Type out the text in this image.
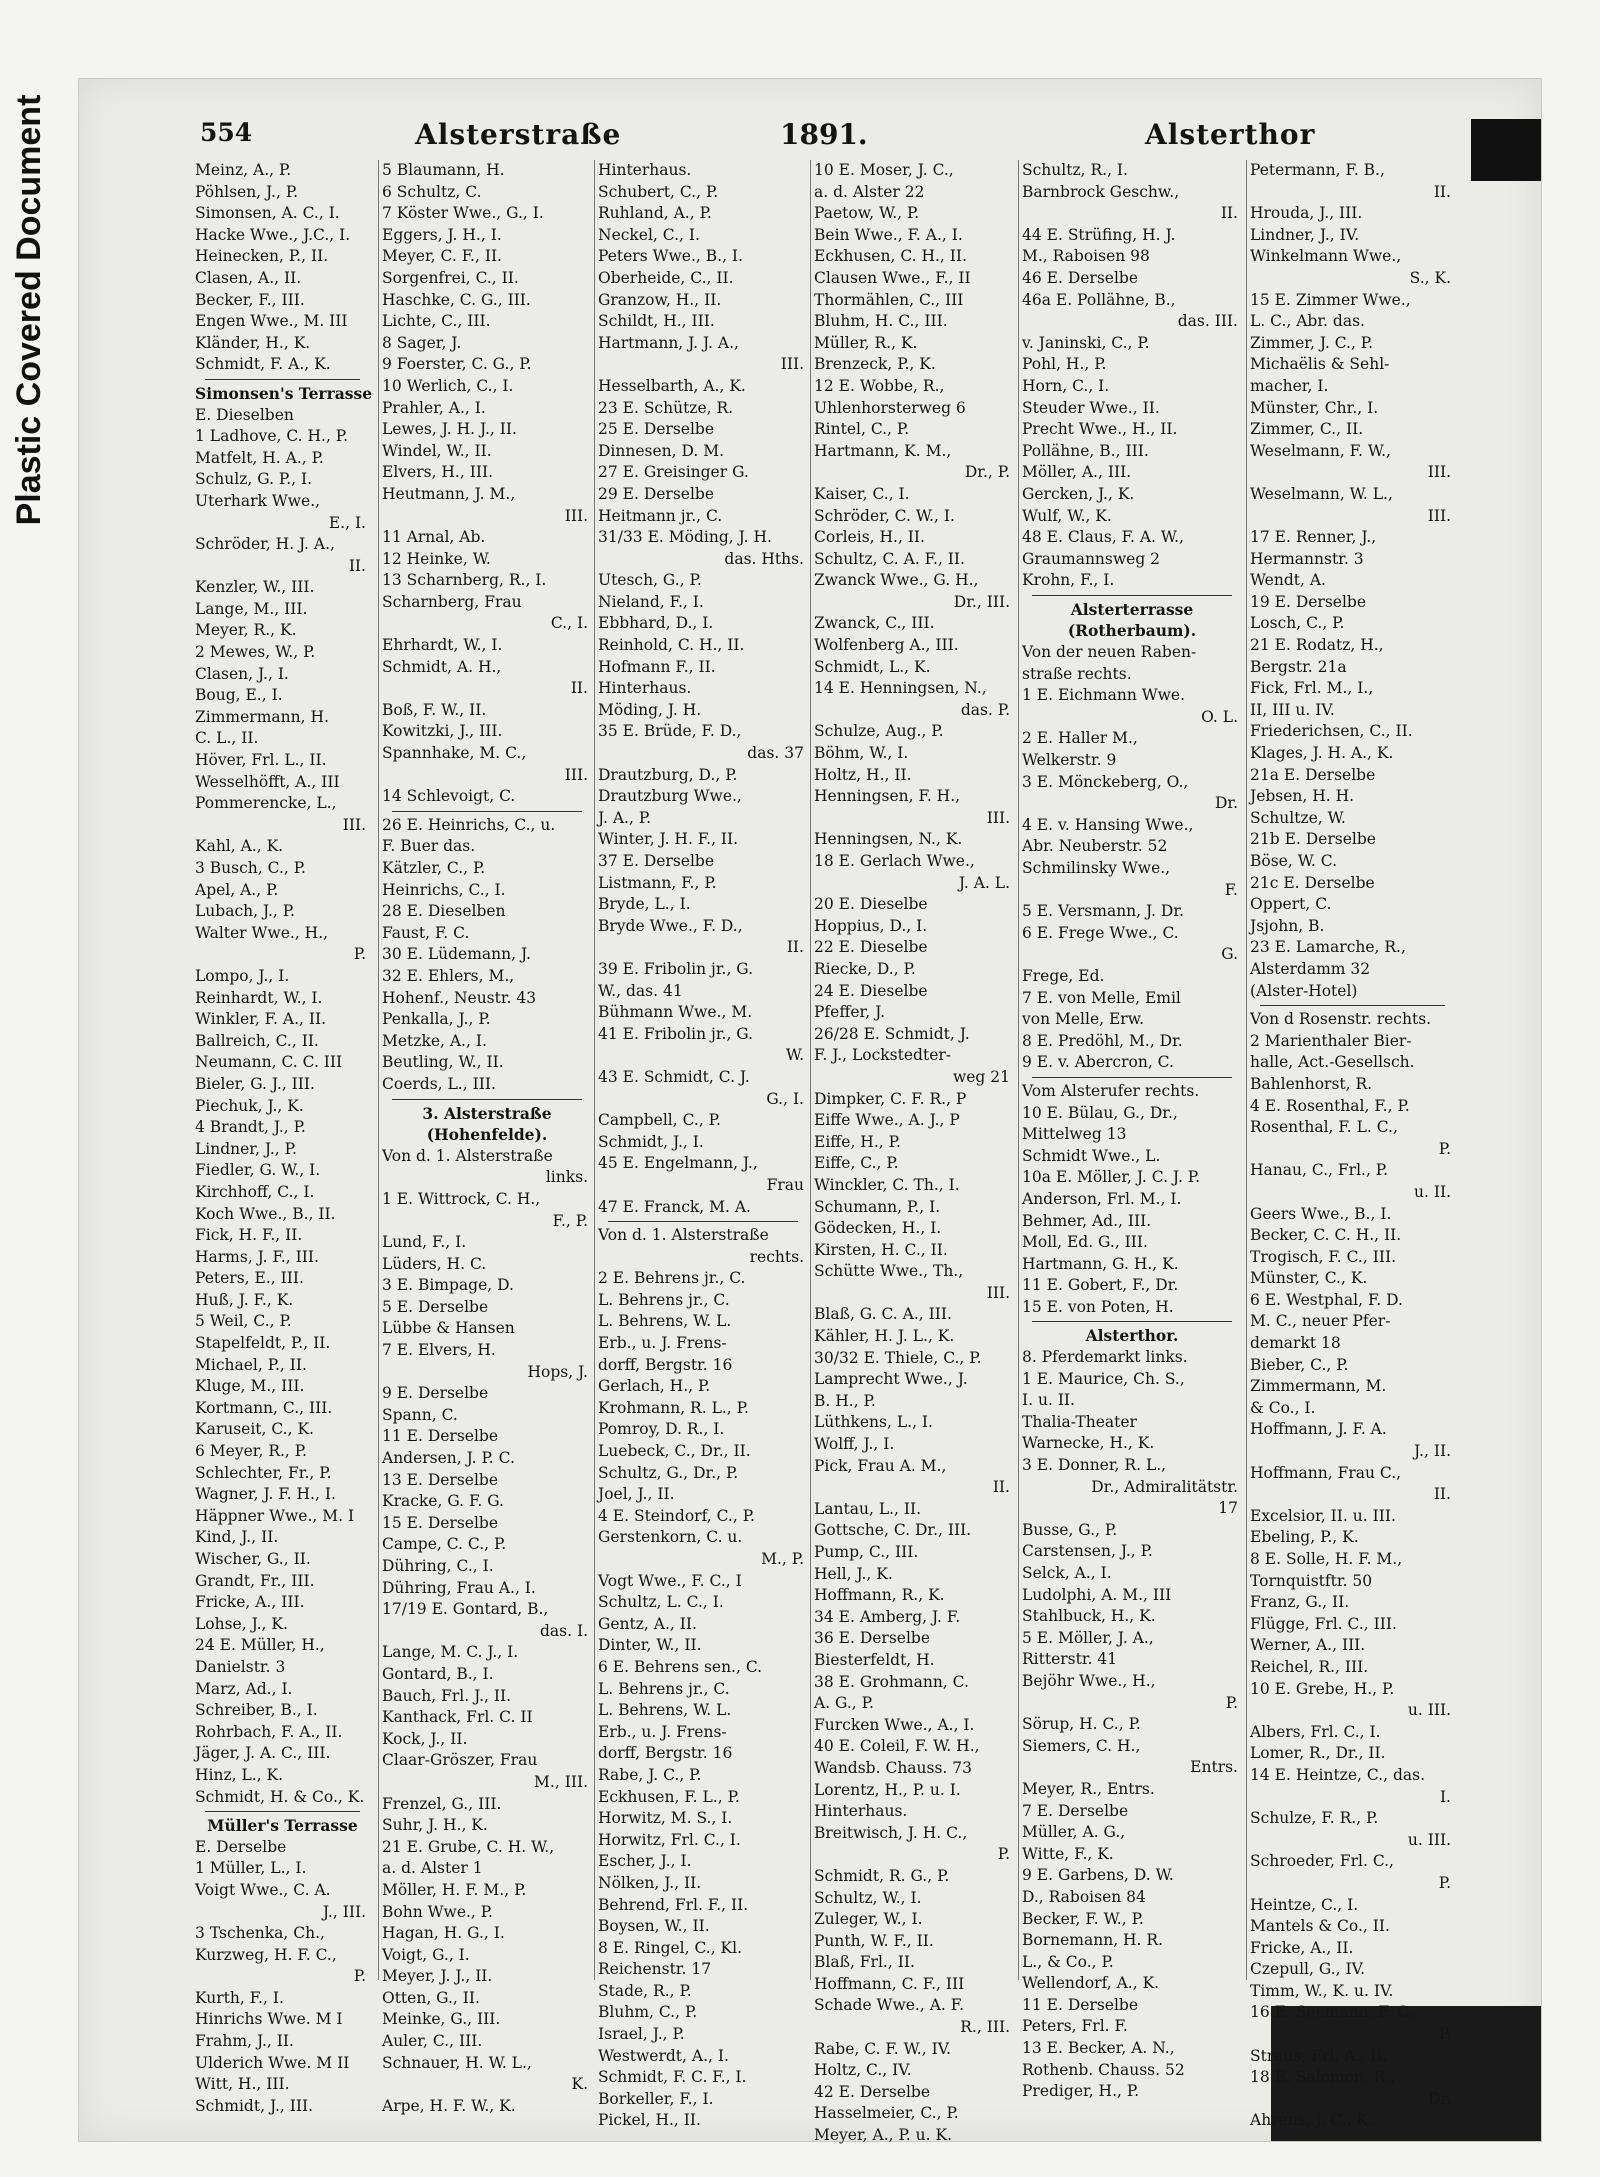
Plastic Covered Document	554	Alsterstraße	1891.	Alsterthor
Meinz, A., P.
Pöhlsen, J., P.
Simonsen, A. C., I.
Hacke Wwe., J.C., I.
Heinecken, P., II.
Clasen, A., II.
Becker, F., III.
Engen Wwe., M. III
Kländer, H., K.
Schmidt, F. A., K.
Simonsen's Terrasse
E. Dieselben
1 Ladhove, C. H., P.
Matfelt, H. A., P.
Schulz, G. P., I.
Uterhark Wwe.,
E., I.
Schröder, H. J. A.,
II.
Kenzler, W., III.
Lange, M., III.
Meyer, R., K.
2 Mewes, W., P.
Clasen, J., I.
Boug, E., I.
Zimmermann, H.
C. L., II.
Höver, Frl. L., II.
Wesselhöfft, A., III
Pommerencke, L.,
III.
Kahl, A., K.
3 Busch, C., P.
Apel, A., P.
Lubach, J., P.
Walter Wwe., H.,
P.
Lompo, J., I.
Reinhardt, W., I.
Winkler, F. A., II.
Ballreich, C., II.
Neumann, C. C. III
Bieler, G. J., III.
Piechuk, J., K.
4 Brandt, J., P.
Lindner, J., P.
Fiedler, G. W., I.
Kirchhoff, C., I.
Koch Wwe., B., II.
Fick, H. F., II.
Harms, J. F., III.
Peters, E., III.
Huß, J. F., K.
5 Weil, C., P.
Stapelfeldt, P., II.
Michael, P., II.
Kluge, M., III.
Kortmann, C., III.
Karuseit, C., K.
6 Meyer, R., P.
Schlechter, Fr., P.
Wagner, J. F. H., I.
Häppner Wwe., M. I
Kind, J., II.
Wischer, G., II.
Grandt, Fr., III.
Fricke, A., III.
Lohse, J., K.
24 E. Müller, H.,
Danielstr. 3
Marz, Ad., I.
Schreiber, B., I.
Rohrbach, F. A., II.
Jäger, J. A. C., III.
Hinz, L., K.
Schmidt, H. & Co., K.
Müller's Terrasse
E. Derselbe
1 Müller, L., I.
Voigt Wwe., C. A.
J., III.
3 Tschenka, Ch.,
Kurzweg, H. F. C.,
P.
Kurth, F., I.
Hinrichs Wwe. M I
Frahm, J., II.
Ulderich Wwe. M II
Witt, H., III.
Schmidt, J., III.
5 Blaumann, H.
6 Schultz, C.
7 Köster Wwe., G., I.
Eggers, J. H., I.
Meyer, C. F., II.
Sorgenfrei, C., II.
Haschke, C. G., III.
Lichte, C., III.
8 Sager, J.
9 Foerster, C. G., P.
10 Werlich, C., I.
Prahler, A., I.
Lewes, J. H. J., II.
Windel, W., II.
Elvers, H., III.
Heutmann, J. M.,
III.
11 Arnal, Ab.
12 Heinke, W.
13 Scharnberg, R., I.
Scharnberg, Frau
C., I.
Ehrhardt, W., I.
Schmidt, A. H.,
II.
Boß, F. W., II.
Kowitzki, J., III.
Spannhake, M. C.,
III.
14 Schlevoigt, C.
26 E. Heinrichs, C., u.
F. Buer das.
Kätzler, C., P.
Heinrichs, C., I.
28 E. Dieselben
Faust, F. C.
30 E. Lüdemann, J.
32 E. Ehlers, M.,
Hohenf., Neustr. 43
Penkalla, J., P.
Metzke, A., I.
Beutling, W., II.
Coerds, L., III.
3. Alsterstraße
(Hohenfelde).
Von d. 1. Alsterstraße
links.
1 E. Wittrock, C. H.,
F., P.
Lund, F., I.
Lüders, H. C.
3 E. Bimpage, D.
5 E. Derselbe
Lübbe & Hansen
7 E. Elvers, H.
Hops, J.
9 E. Derselbe
Spann, C.
11 E. Derselbe
Andersen, J. P. C.
13 E. Derselbe
Kracke, G. F. G.
15 E. Derselbe
Campe, C. C., P.
Dühring, C., I.
Dühring, Frau A., I.
17/19 E. Gontard, B.,
das. I.
Lange, M. C. J., I.
Gontard, B., I.
Bauch, Frl. J., II.
Kanthack, Frl. C. II
Kock, J., II.
Claar-Gröszer, Frau
M., III.
Frenzel, G., III.
Suhr, J. H., K.
21 E. Grube, C. H. W.,
a. d. Alster 1
Möller, H. F. M., P.
Bohn Wwe., P.
Hagan, H. G., I.
Voigt, G., I.
Meyer, J. J., II.
Otten, G., II.
Meinke, G., III.
Auler, C., III.
Schnauer, H. W. L.,
K.
Arpe, H. F. W., K.
Hinterhaus.
Schubert, C., P.
Ruhland, A., P.
Neckel, C., I.
Peters Wwe., B., I.
Oberheide, C., II.
Granzow, H., II.
Schildt, H., III.
Hartmann, J. J. A.,
III.
Hesselbarth, A., K.
23 E. Schütze, R.
25 E. Derselbe
Dinnesen, D. M.
27 E. Greisinger G.
29 E. Derselbe
Heitmann jr., C.
31/33 E. Möding, J. H.
das. Hths.
Utesch, G., P.
Nieland, F., I.
Ebbhard, D., I.
Reinhold, C. H., II.
Hofmann F., II.
Hinterhaus.
Möding, J. H.
35 E. Brüde, F. D.,
das. 37
Drautzburg, D., P.
Drautzburg Wwe.,
J. A., P.
Winter, J. H. F., II.
37 E. Derselbe
Listmann, F., P.
Bryde, L., I.
Bryde Wwe., F. D.,
II.
39 E. Fribolin jr., G.
W., das. 41
Bühmann Wwe., M.
41 E. Fribolin jr., G.
W.
43 E. Schmidt, C. J.
G., I.
Campbell, C., P.
Schmidt, J., I.
45 E. Engelmann, J.,
Frau
47 E. Franck, M. A.
Von d. 1. Alsterstraße
rechts.
2 E. Behrens jr., C.
L. Behrens jr., C.
L. Behrens, W. L.
Erb., u. J. Frens-
dorff, Bergstr. 16
Gerlach, H., P.
Krohmann, R. L., P.
Pomroy, D. R., I.
Luebeck, C., Dr., II.
Schultz, G., Dr., P.
Joel, J., II.
4 E. Steindorf, C., P.
Gerstenkorn, C. u.
M., P.
Vogt Wwe., F. C., I
Schultz, L. C., I.
Gentz, A., II.
Dinter, W., II.
6 E. Behrens sen., C.
L. Behrens jr., C.
L. Behrens, W. L.
Erb., u. J. Frens-
dorff, Bergstr. 16
Rabe, J. C., P.
Eckhusen, F. L., P.
Horwitz, M. S., I.
Horwitz, Frl. C., I.
Escher, J., I.
Nölken, J., II.
Behrend, Frl. F., II.
Boysen, W., II.
8 E. Ringel, C., Kl.
Reichenstr. 17
Stade, R., P.
Bluhm, C., P.
Israel, J., P.
Westwerdt, A., I.
Schmidt, F. C. F., I.
Borkeller, F., I.
Pickel, H., II.
10 E. Moser, J. C.,
a. d. Alster 22
Paetow, W., P.
Bein Wwe., F. A., I.
Eckhusen, C. H., II.
Clausen Wwe., F., II
Thormählen, C., III
Bluhm, H. C., III.
Müller, R., K.
Brenzeck, P., K.
12 E. Wobbe, R.,
Uhlenhorsterweg 6
Rintel, C., P.
Hartmann, K. M.,
Dr., P.
Kaiser, C., I.
Schröder, C. W., I.
Corleis, H., II.
Schultz, C. A. F., II.
Zwanck Wwe., G. H.,
Dr., III.
Zwanck, C., III.
Wolfenberg A., III.
Schmidt, L., K.
14 E. Henningsen, N.,
das. P.
Schulze, Aug., P.
Böhm, W., I.
Holtz, H., II.
Henningsen, F. H.,
III.
Henningsen, N., K.
18 E. Gerlach Wwe.,
J. A. L.
20 E. Dieselbe
Hoppius, D., I.
22 E. Dieselbe
Riecke, D., P.
24 E. Dieselbe
Pfeffer, J.
26/28 E. Schmidt, J.
F. J., Lockstedter-
weg 21
Dimpker, C. F. R., P
Eiffe Wwe., A. J., P
Eiffe, H., P.
Eiffe, C., P.
Winckler, C. Th., I.
Schumann, P., I.
Gödecken, H., I.
Kirsten, H. C., II.
Schütte Wwe., Th.,
III.
Blaß, G. C. A., III.
Kähler, H. J. L., K.
30/32 E. Thiele, C., P.
Lamprecht Wwe., J.
B. H., P.
Lüthkens, L., I.
Wolff, J., I.
Pick, Frau A. M.,
II.
Lantau, L., II.
Gottsche, C. Dr., III.
Pump, C., III.
Hell, J., K.
Hoffmann, R., K.
34 E. Amberg, J. F.
36 E. Derselbe
Biesterfeldt, H.
38 E. Grohmann, C.
A. G., P.
Furcken Wwe., A., I.
40 E. Coleil, F. W. H.,
Wandsb. Chauss. 73
Lorentz, H., P. u. I.
Hinterhaus.
Breitwisch, J. H. C.,
P.
Schmidt, R. G., P.
Schultz, W., I.
Zuleger, W., I.
Punth, W. F., II.
Blaß, Frl., II.
Hoffmann, C. F., III
Schade Wwe., A. F.
R., III.
Rabe, C. F. W., IV.
Holtz, C., IV.
42 E. Derselbe
Hasselmeier, C., P.
Meyer, A., P. u. K.
Schultz, R., I.
Barnbrock Geschw.,
II.
44 E. Strüfing, H. J.
M., Raboisen 98
46 E. Derselbe
46a E. Pollähne, B.,
das. III.
v. Janinski, C., P.
Pohl, H., P.
Horn, C., I.
Steuder Wwe., II.
Precht Wwe., H., II.
Pollähne, B., III.
Möller, A., III.
Gercken, J., K.
Wulf, W., K.
48 E. Claus, F. A. W.,
Graumannsweg 2
Krohn, F., I.
Alsterterrasse
(Rotherbaum).
Von der neuen Raben-
straße rechts.
1 E. Eichmann Wwe.
O. L.
2 E. Haller M.,
Welkerstr. 9
3 E. Mönckeberg, O.,
Dr.
4 E. v. Hansing Wwe.,
Abr. Neuberstr. 52
Schmilinsky Wwe.,
F.
5 E. Versmann, J. Dr.
6 E. Frege Wwe., C.
G.
Frege, Ed.
7 E. von Melle, Emil
von Melle, Erw.
8 E. Predöhl, M., Dr.
9 E. v. Abercron, C.
Vom Alsterufer rechts.
10 E. Bülau, G., Dr.,
Mittelweg 13
Schmidt Wwe., L.
10a E. Möller, J. C. J. P.
Anderson, Frl. M., I.
Behmer, Ad., III.
Moll, Ed. G., III.
Hartmann, G. H., K.
11 E. Gobert, F., Dr.
15 E. von Poten, H.
Alsterthor.
8. Pferdemarkt links.
1 E. Maurice, Ch. S.,
I. u. II.
Thalia-Theater
Warnecke, H., K.
3 E. Donner, R. L.,
Dr., Admiralitätstr.
17
Busse, G., P.
Carstensen, J., P.
Selck, A., I.
Ludolphi, A. M., III
Stahlbuck, H., K.
5 E. Möller, J. A.,
Ritterstr. 41
Bejöhr Wwe., H.,
P.
Sörup, H. C., P.
Siemers, C. H.,
Entrs.
Meyer, R., Entrs.
7 E. Derselbe
Müller, A. G.,
Witte, F., K.
9 E. Garbens, D. W.
D., Raboisen 84
Becker, F. W., P.
Bornemann, H. R.
L., & Co., P.
Wellendorf, A., K.
11 E. Derselbe
Peters, Frl. F.
13 E. Becker, A. N.,
Rothenb. Chauss. 52
Prediger, H., P.
Petermann, F. B.,
II.
Hrouda, J., III.
Lindner, J., IV.
Winkelmann Wwe.,
S., K.
15 E. Zimmer Wwe.,
L. C., Abr. das.
Zimmer, J. C., P.
Michaëlis & Sehl-
macher, I.
Münster, Chr., I.
Zimmer, C., II.
Weselmann, F. W.,
III.
Weselmann, W. L.,
III.
17 E. Renner, J.,
Hermannstr. 3
Wendt, A.
19 E. Derselbe
Losch, C., P.
21 E. Rodatz, H.,
Bergstr. 21a
Fick, Frl. M., I.,
II, III u. IV.
Friederichsen, C., II.
Klages, J. H. A., K.
21a E. Derselbe
Jebsen, H. H.
Schultze, W.
21b E. Derselbe
Böse, W. C.
21c E. Derselbe
Oppert, C.
Jsjohn, B.
23 E. Lamarche, R.,
Alsterdamm 32
(Alster-Hotel)
Von d Rosenstr. rechts.
2 Marienthaler Bier-
halle, Act.-Gesellsch.
Bahlenhorst, R.
4 E. Rosenthal, F., P.
Rosenthal, F. L. C.,
P.
Hanau, C., Frl., P.
u. II.
Geers Wwe., B., I.
Becker, C. C. H., II.
Trogisch, F. C., III.
Münster, C., K.
6 E. Westphal, F. D.
M. C., neuer Pfer-
demarkt 18
Bieber, C., P.
Zimmermann, M.
& Co., I.
Hoffmann, J. F. A.
J., II.
Hoffmann, Frau C.,
II.
Excelsior, II. u. III.
Ebeling, P., K.
8 E. Solle, H. F. M.,
Tornquistftr. 50
Franz, G., II.
Flügge, Frl. C., III.
Werner, A., III.
Reichel, R., III.
10 E. Grebe, H., P.
u. III.
Albers, Frl. C., I.
Lomer, R., Dr., II.
14 E. Heintze, C., das.
I.
Schulze, F. R., P.
u. III.
Schroeder, Frl. C.,
P.
Heintze, C., I.
Mantels & Co., II.
Fricke, A., II.
Czepull, G., IV.
Timm, W., K. u. IV.
16 E. Seemann, F. C.,
P.
Straus, Frl. A., II.
18 E. Salomon, R.,
Dr.
Ahrens, J. C., K.
